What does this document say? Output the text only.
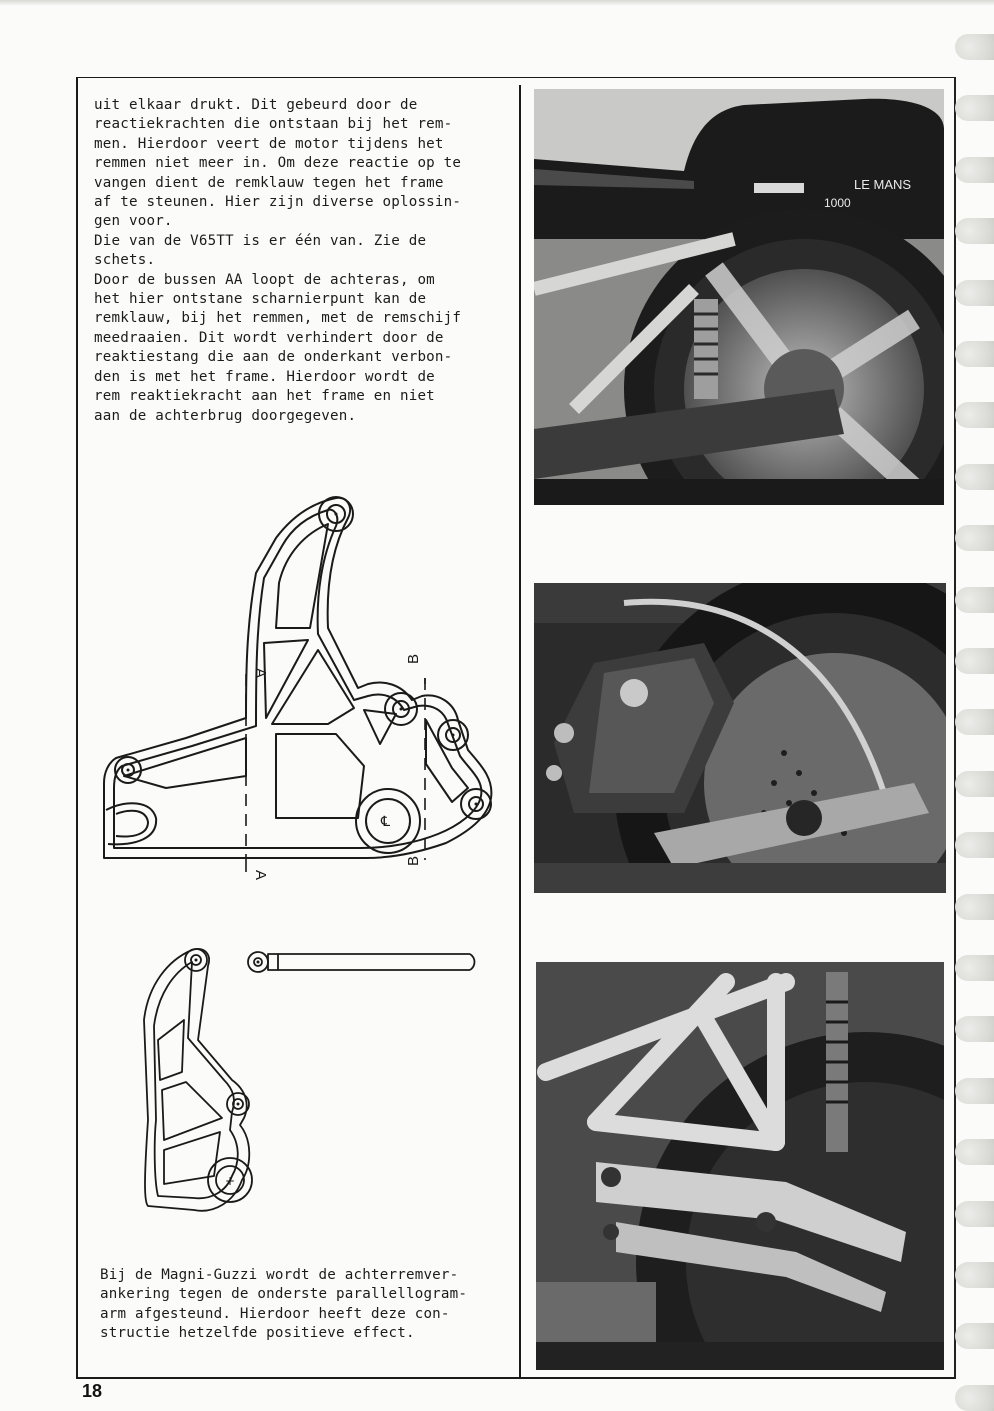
uit elkaar drukt. Dit gebeurd door de

reactiekrachten die ontstaan bij het rem-

men. Hierdoor veert de motor tijdens het

remmen niet meer in. Om deze reactie op te

vangen dient de remklauw tegen het frame

af te steunen. Hier zijn diverse oplossin-

gen voor.

Die van de V65TT is er één van. Zie de

schets.

Door de bussen AA loopt de achteras, om

het hier ontstane scharnierpunt kan de

remklauw, bij het remmen, met de remschijf

meedraaien. Dit wordt verhindert door de

reaktiestang die aan de onderkant verbon-

den is met het frame. Hierdoor wordt de

rem reaktiekracht aan het frame en niet

aan de achterbrug doorgegeven.

A
A
B
B
℄
+

Bij de Magni-Guzzi wordt de achterremver-

ankering tegen de onderste parallellogram-

arm afgesteund. Hierdoor heeft deze con-

structie hetzelfde positieve effect.

LE MANS
1000
18
